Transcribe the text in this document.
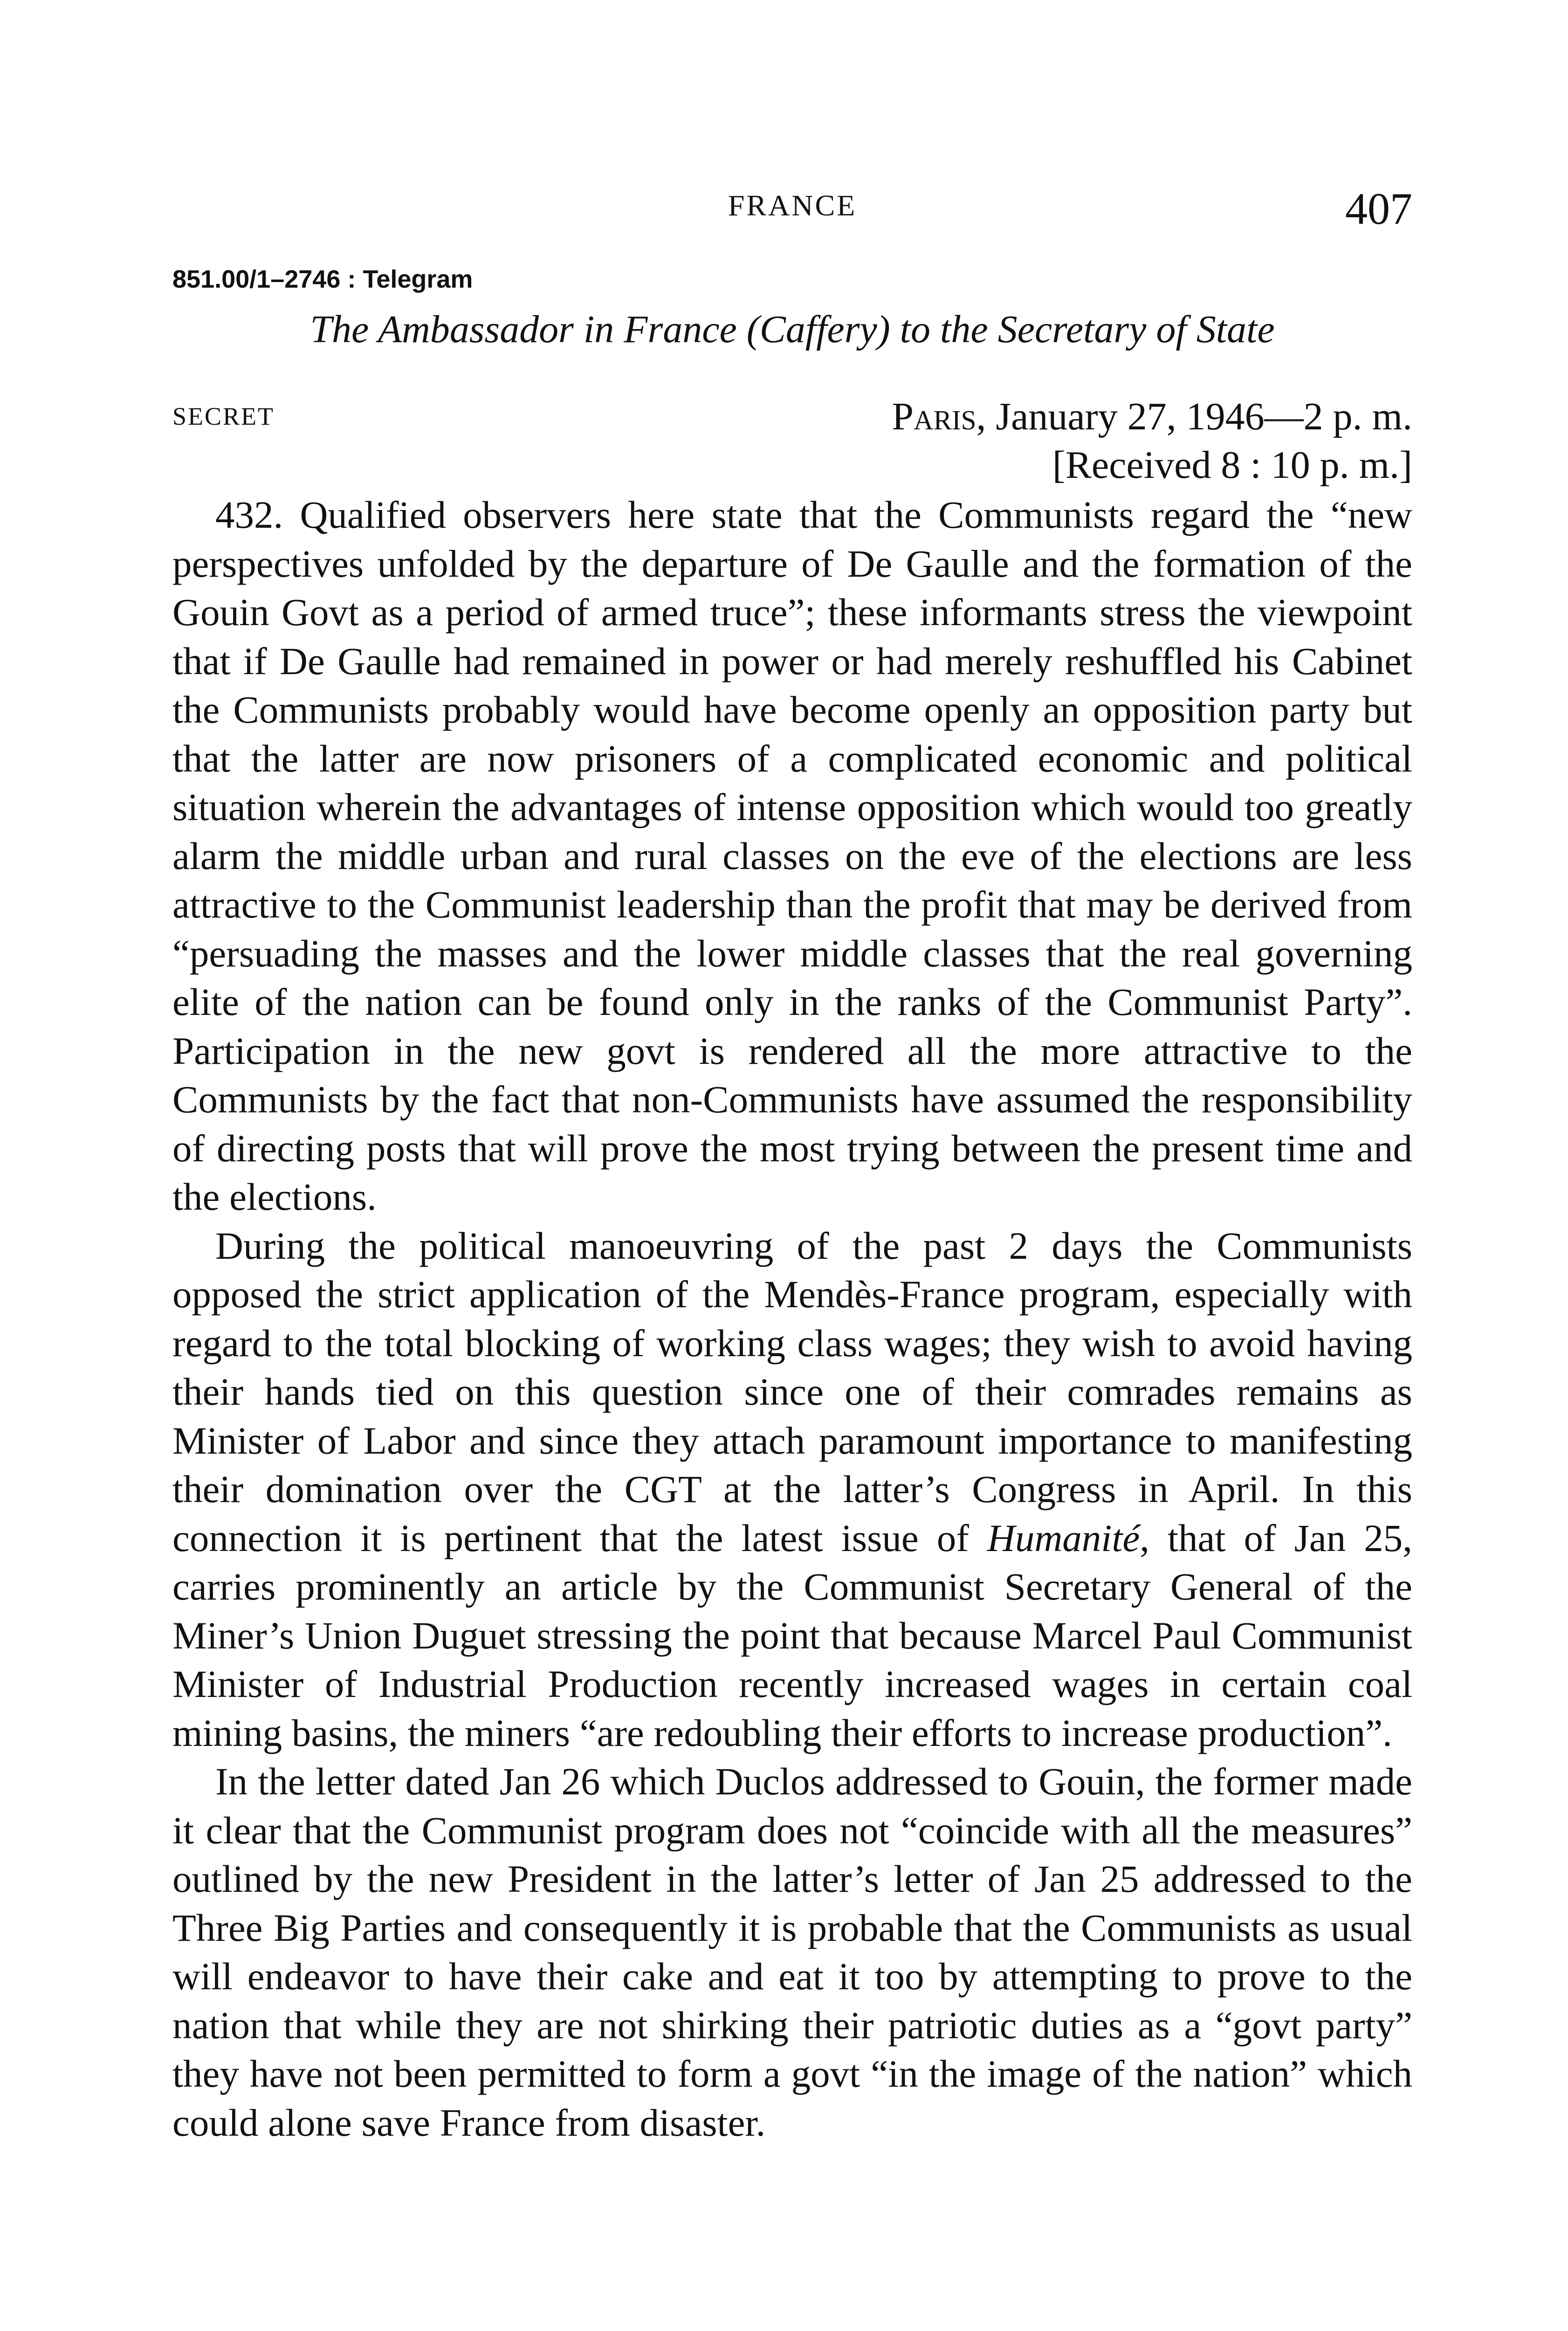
FRANCE	407
851.00/1–2746 : Telegram
The Ambassador in France (Caffery) to the Secretary of State
SECRET	Paris, January 27, 1946—2 p. m.
[Received 8 : 10 p. m.]

432. Qualified observers here state that the Communists regard the “new perspectives unfolded by the departure of De Gaulle and the formation of the Gouin Govt as a period of armed truce”; these informants stress the viewpoint that if De Gaulle had remained in power or had merely reshuffled his Cabinet the Communists probably would have become openly an opposition party but that the latter are now prisoners of a complicated economic and political situation wherein the advantages of intense opposition which would too greatly alarm the middle urban and rural classes on the eve of the elections are less attractive to the Communist leadership than the profit that may be derived from “persuading the masses and the lower middle classes that the real governing elite of the nation can be found only in the ranks of the Communist Party”. Participation in the new govt is rendered all the more attractive to the Communists by the fact that non-Communists have assumed the responsibility of directing posts that will prove the most trying between the present time and the elections.

During the political manoeuvring of the past 2 days the Communists opposed the strict application of the Mendès-France program, especially with regard to the total blocking of working class wages; they wish to avoid having their hands tied on this question since one of their comrades remains as Minister of Labor and since they attach paramount importance to manifesting their domination over the CGT at the latter’s Congress in April. In this connection it is pertinent that the latest issue of Humanité, that of Jan 25, carries prominently an article by the Communist Secretary General of the Miner’s Union Duguet stressing the point that because Marcel Paul Communist Minister of Industrial Production recently increased wages in certain coal mining basins, the miners “are redoubling their efforts to increase production”.

In the letter dated Jan 26 which Duclos addressed to Gouin, the former made it clear that the Communist program does not “coincide with all the measures” outlined by the new President in the latter’s letter of Jan 25 addressed to the Three Big Parties and consequently it is probable that the Communists as usual will endeavor to have their cake and eat it too by attempting to prove to the nation that while they are not shirking their patriotic duties as a “govt party” they have not been permitted to form a govt “in the image of the nation” which could alone save France from disaster.
